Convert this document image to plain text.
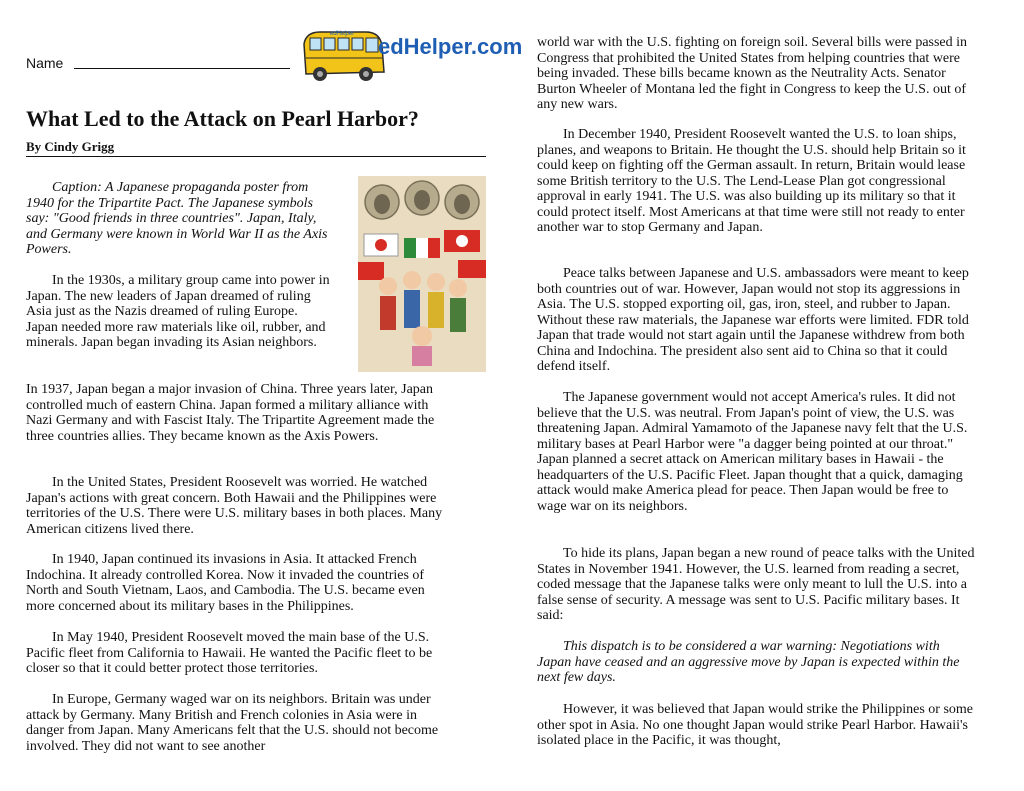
Name
edHelper edHelper.com
What Led to the Attack on Pearl Harbor?

By Cindy Grigg

Caption: A Japanese propaganda poster from 1940 for the Tripartite Pact. The Japanese symbols say: "Good friends in three countries". Japan, Italy, and Germany were known in World War II as the Axis Powers.

In the 1930s, a military group came into power in Japan. The new leaders of Japan dreamed of ruling Asia just as the Nazis dreamed of ruling Europe. Japan needed more raw materials like oil, rubber, and minerals. Japan began invading its Asian neighbors.

In 1937, Japan began a major invasion of China. Three years later, Japan controlled much of eastern China. Japan formed a military alliance with Nazi Germany and with Fascist Italy. The Tripartite Agreement made the three countries allies. They became known as the Axis Powers.

In the United States, President Roosevelt was worried. He watched Japan's actions with great concern. Both Hawaii and the Philippines were territories of the U.S. There were U.S. military bases in both places. Many American citizens lived there.

In 1940, Japan continued its invasions in Asia. It attacked French Indochina. It already controlled Korea. Now it invaded the countries of North and South Vietnam, Laos, and Cambodia. The U.S. became even more concerned about its military bases in the Philippines.

In May 1940, President Roosevelt moved the main base of the U.S. Pacific fleet from California to Hawaii. He wanted the Pacific fleet to be closer so that it could better protect those territories.

In Europe, Germany waged war on its neighbors. Britain was under attack by Germany. Many British and French colonies in Asia were in danger from Japan. Many Americans felt that the U.S. should not become involved. They did not want to see another

world war with the U.S. fighting on foreign soil. Several bills were passed in Congress that prohibited the United States from helping countries that were being invaded. These bills became known as the Neutrality Acts. Senator Burton Wheeler of Montana led the fight in Congress to keep the U.S. out of any new wars.

In December 1940, President Roosevelt wanted the U.S. to loan ships, planes, and weapons to Britain. He thought the U.S. should help Britain so it could keep on fighting off the German assault. In return, Britain would lease some British territory to the U.S. The Lend-Lease Plan got congressional approval in early 1941. The U.S. was also building up its military so that it could protect itself. Most Americans at that time were still not ready to enter another war to stop Germany and Japan.

Peace talks between Japanese and U.S. ambassadors were meant to keep both countries out of war. However, Japan would not stop its aggressions in Asia. The U.S. stopped exporting oil, gas, iron, steel, and rubber to Japan. Without these raw materials, the Japanese war efforts were limited. FDR told Japan that trade would not start again until the Japanese withdrew from both China and Indochina. The president also sent aid to China so that it could defend itself.

The Japanese government would not accept America's rules. It did not believe that the U.S. was neutral. From Japan's point of view, the U.S. was threatening Japan. Admiral Yamamoto of the Japanese navy felt that the U.S. military bases at Pearl Harbor were "a dagger being pointed at our throat." Japan planned a secret attack on American military bases in Hawaii - the headquarters of the U.S. Pacific Fleet. Japan thought that a quick, damaging attack would make America plead for peace. Then Japan would be free to wage war on its neighbors.

To hide its plans, Japan began a new round of peace talks with the United States in November 1941. However, the U.S. learned from reading a secret, coded message that the Japanese talks were only meant to lull the U.S. into a false sense of security. A message was sent to U.S. Pacific military bases. It said:

This dispatch is to be considered a war warning: Negotiations with Japan have ceased and an aggressive move by Japan is expected within the next few days.

However, it was believed that Japan would strike the Philippines or some other spot in Asia. No one thought Japan would strike Pearl Harbor. Hawaii's isolated place in the Pacific, it was thought,
